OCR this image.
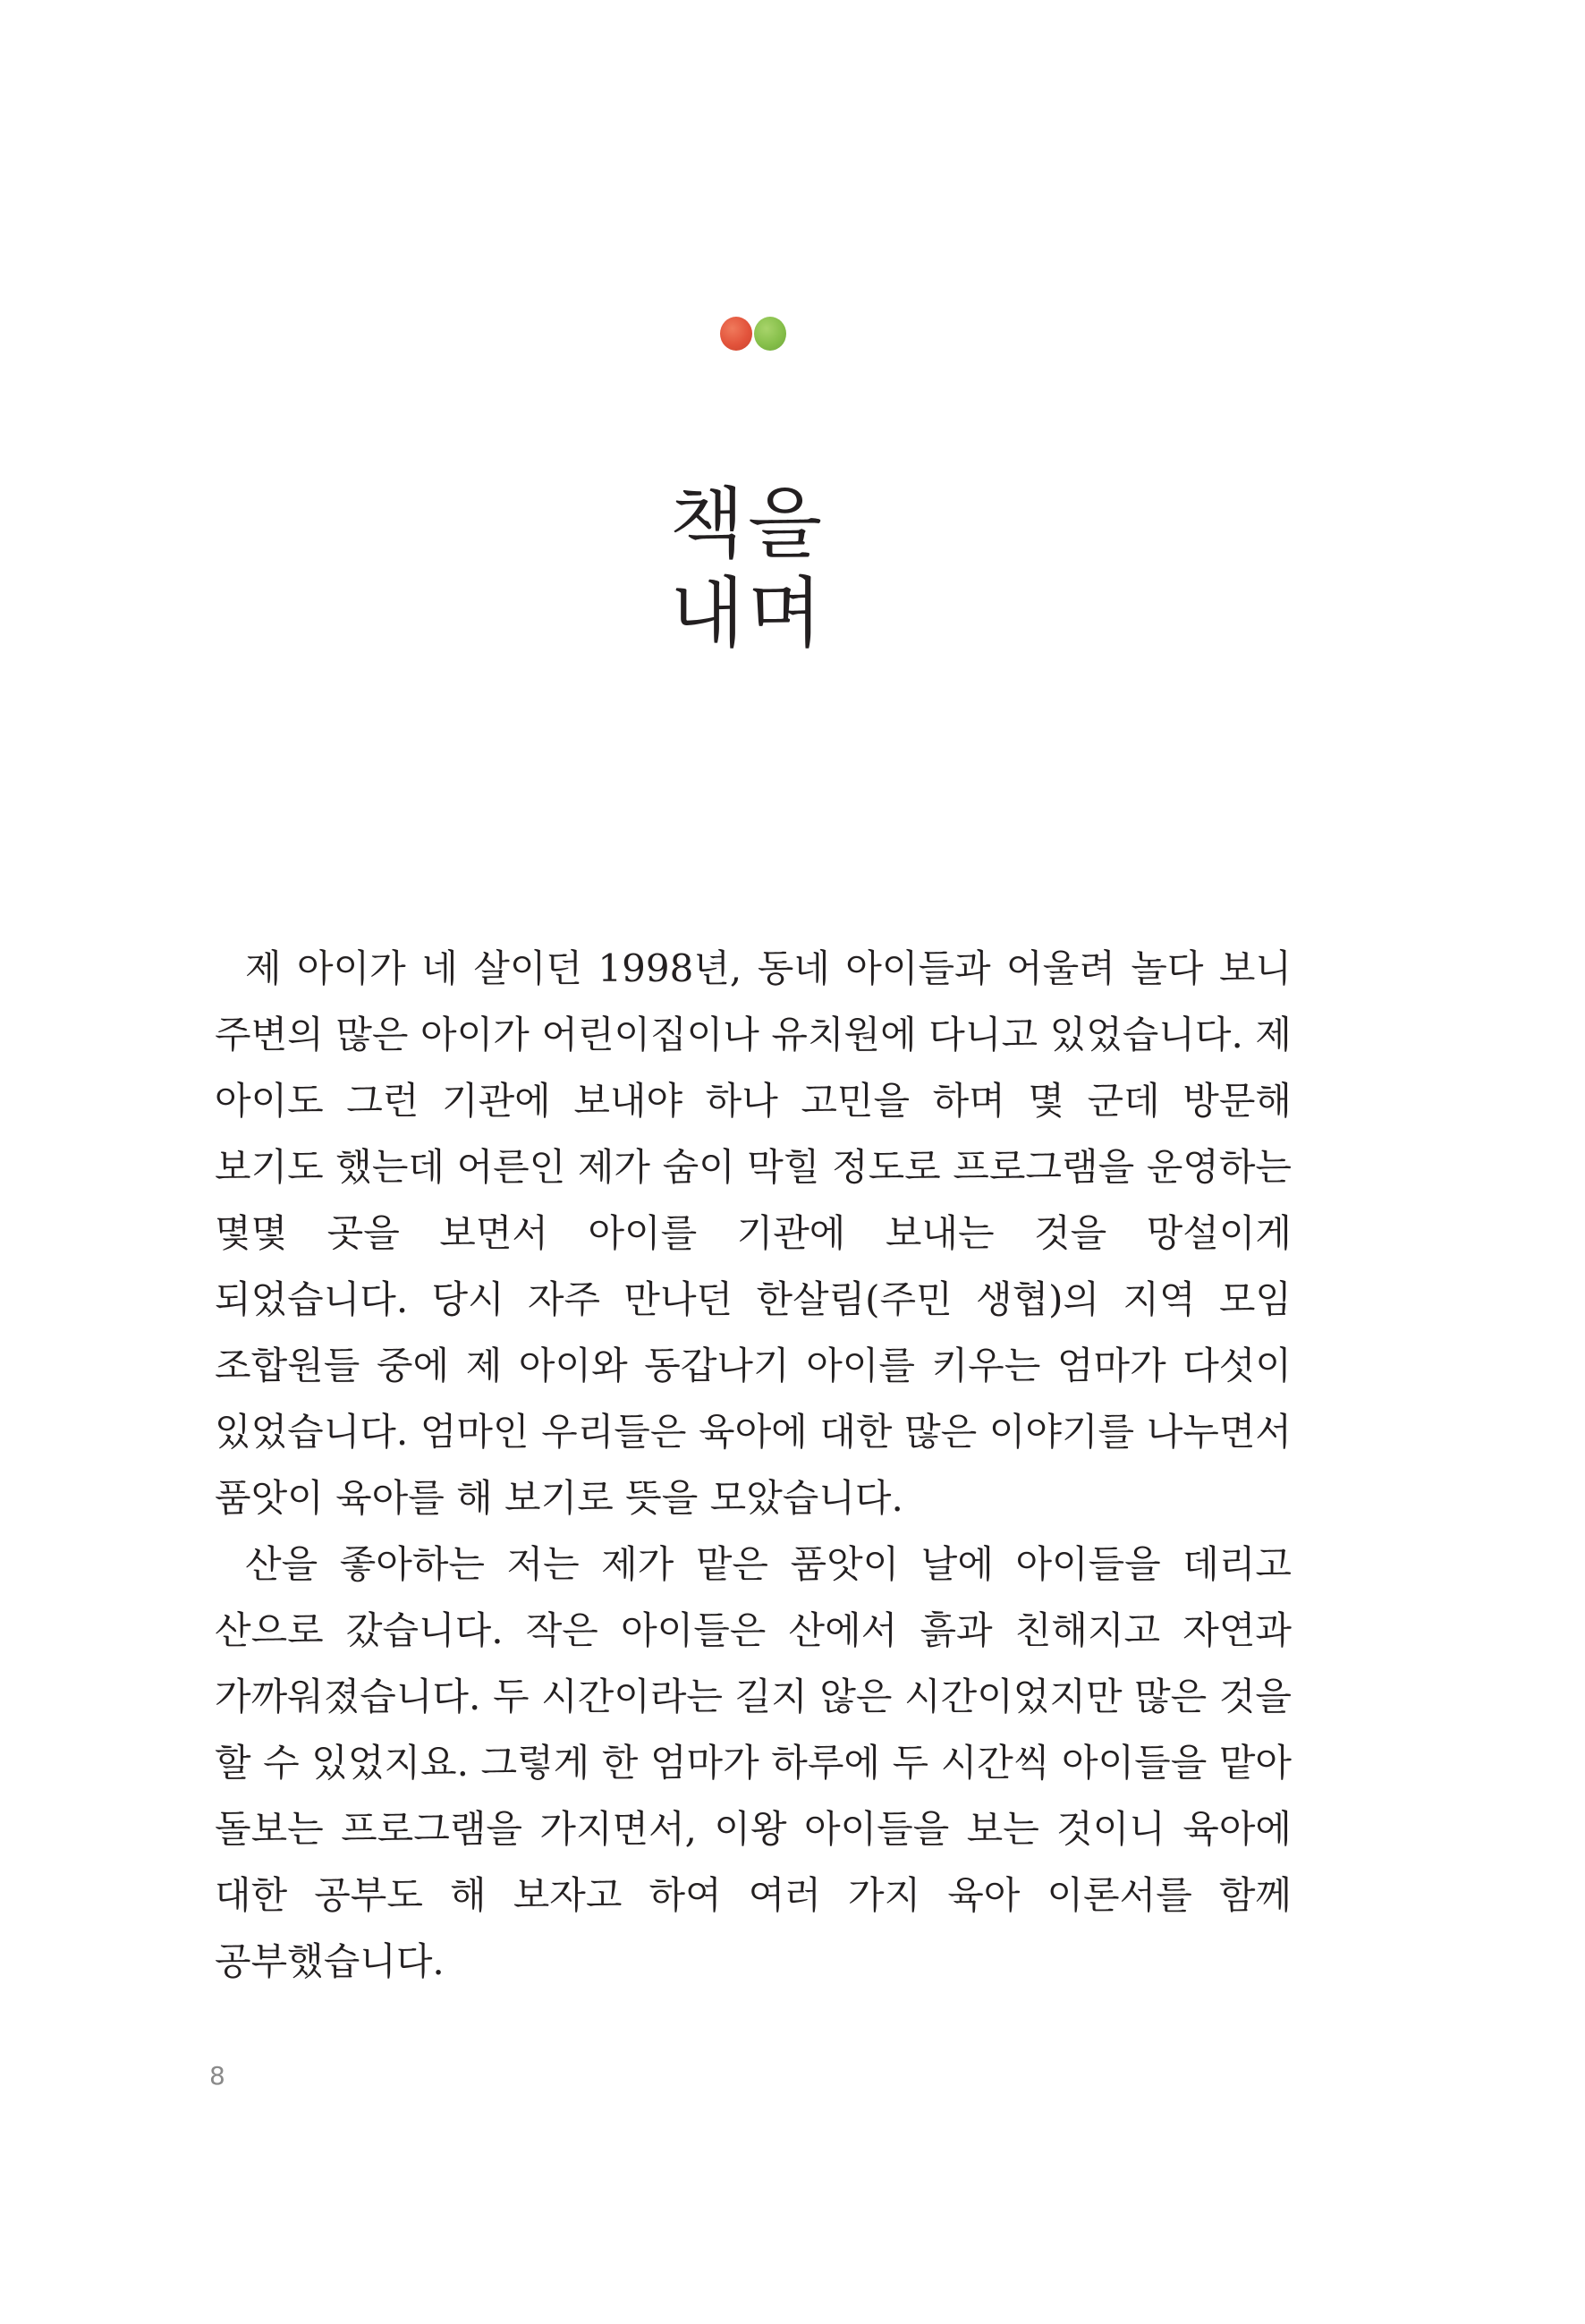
책을
내며

제 아이가 네 살이던 1998년, 동네 아이들과 어울려 놀다 보니 주변의 많은 아이가 어린이집이나 유치원에 다니고 있었습니다. 제 아이도 그런 기관에 보내야 하나 고민을 하며 몇 군데 방문해 보기도 했는데 어른인 제가 숨이 막힐 정도로 프로그램을 운영하는 몇몇 곳을 보면서 아이를 기관에 보내는 것을 망설이게 되었습니다. 당시 자주 만나던 한살림(주민 생협)의 지역 모임 조합원들 중에 제 아이와 동갑나기 아이를 키우는 엄마가 다섯이 있었습니다. 엄마인 우리들은 육아에 대한 많은 이야기를 나누면서 품앗이 육아를 해 보기로 뜻을 모았습니다.

산을 좋아하는 저는 제가 맡은 품앗이 날에 아이들을 데리고 산으로 갔습니다. 작은 아이들은 산에서 흙과 친해지고 자연과 가까워졌습니다. 두 시간이라는 길지 않은 시간이었지만 많은 것을 할 수 있었지요. 그렇게 한 엄마가 하루에 두 시간씩 아이들을 맡아 돌보는 프로그램을 가지면서, 이왕 아이들을 보는 것이니 육아에 대한 공부도 해 보자고 하여 여러 가지 육아 이론서를 함께 공부했습니다.

8
